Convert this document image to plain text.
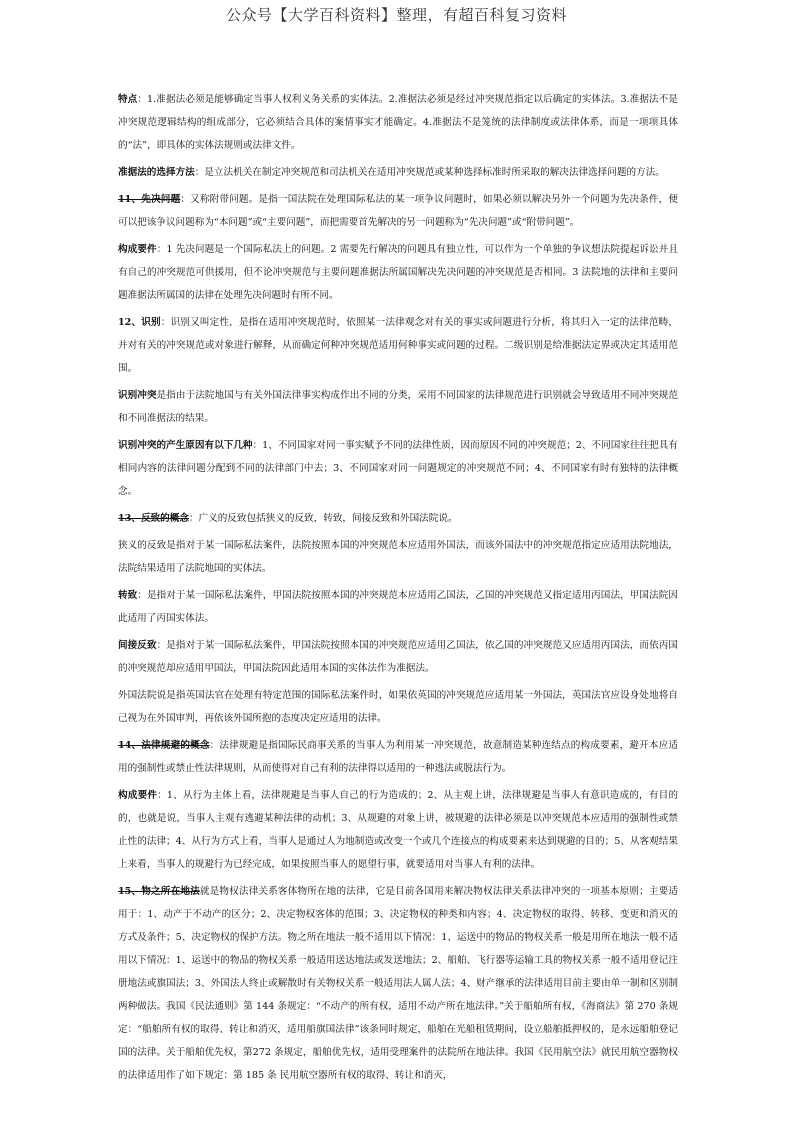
公众号【大学百科资料】整理，有超百科复习资料

特点：1.准据法必须是能够确定当事人权利义务关系的实体法。2.准据法必须是经过冲突规范指定以后确定的实体法。3.准据法不是冲突规范逻辑结构的组成部分，它必须结合具体的案情事实才能确定。4.准据法不是笼统的法律制度或法律体系，而是一项项具体的“法”，即具体的实体法规则或法律文件。

准据法的选择方法：是立法机关在制定冲突规范和司法机关在适用冲突规范或某种选择标准时所采取的解决法律选择问题的方法。

11、先决问题：又称附带问题。是指一国法院在处理国际私法的某一项争议问题时，如果必须以解决另外一个问题为先决条件，便可以把该争议问题称为“本问题”或“主要问题”，而把需要首先解决的另一问题称为“先决问题”或“附带问题”。

构成要件：1 先决问题是一个国际私法上的问题。2 需要先行解决的问题具有独立性，可以作为一个单独的争议想法院提起诉讼并且有自己的冲突规范可供援用，但不论冲突规范与主要问题准据法所属国解决先决问题的冲突规范是否相同。3 法院地的法律和主要问题准据法所属国的法律在处理先决问题时有所不同。

12、识别：识别又叫定性，是指在适用冲突规范时，依照某一法律观念对有关的事实或问题进行分析，将其归入一定的法律范畴，并对有关的冲突规范或对象进行解释，从而确定何种冲突规范适用何种事实或问题的过程。二级识别是给准据法定界或决定其适用范围。

识别冲突是指由于法院地国与有关外国法律事实构成作出不同的分类，采用不同国家的法律规范进行识别就会导致适用不同冲突规范和不同准据法的结果。

识别冲突的产生原因有以下几种：1、不同国家对同一事实赋予不同的法律性质，因而原因不同的冲突规范；2、不同国家往往把具有相同内容的法律问题分配到不同的法律部门中去；3、不同国家对同一问题规定的冲突规范不同；4、不同国家有时有独特的法律概念。

13、反致的概念：广义的反致包括狭义的反致，转致，间接反致和外国法院说。

狭义的反致是指对于某一国际私法案件，法院按照本国的冲突规范本应适用外国法，而该外国法中的冲突规范指定应适用法院地法，法院结果适用了法院地国的实体法。

转致：是指对于某一国际私法案件，甲国法院按照本国的冲突规范本应适用乙国法，乙国的冲突规范又指定适用丙国法，甲国法院因此适用了丙国实体法。

间接反致：是指对于某一国际私法案件，甲国法院按照本国的冲突规范应适用乙国法，依乙国的冲突规范又应适用丙国法，而依丙国的冲突规范却应适用甲国法，甲国法院因此适用本国的实体法作为准据法。

外国法院说是指英国法官在处理有特定范围的国际私法案件时，如果依英国的冲突规范应适用某一外国法，英国法官应设身处地将自己视为在外国审判，再依该外国所抱的态度决定应适用的法律。

14、法律规避的概念：法律规避是指国际民商事关系的当事人为利用某一冲突规范，故意制造某种连结点的构成要素，避开本应适用的强制性或禁止性法律规则，从而使得对自己有利的法律得以适用的一种逃法或脱法行为。

构成要件：1、从行为主体上看，法律规避是当事人自己的行为造成的；2、从主观上讲，法律规避是当事人有意识造成的，有目的的，也就是说，当事人主观有逃避某种法律的动机；3、从规避的对象上讲，被规避的法律必须是以冲突规范本应适用的强制性或禁止性的法律；4、从行为方式上看，当事人是通过人为地制造或改变一个或几个连接点的构成要素来达到规避的目的；5、从客观结果上来看，当事人的规避行为已经完成，如果按照当事人的愿望行事，就要适用对当事人有利的法律。

15、物之所在地法就是物权法律关系客体物所在地的法律，它是目前各国用来解决物权法律关系法律冲突的一项基本原则；主要适用于：1、动产于不动产的区分；2、决定物权客体的范围；3、决定物权的种类和内容；4、决定物权的取得、转移、变更和消灭的方式及条件；5、决定物权的保护方法。物之所在地法一般不适用以下情况：1、运送中的物品的物权关系一般是用所在地法一般不适用以下情况：1、运送中的物品的物权关系一般适用送达地法或发送地法；2、船舶、飞行器等运输工具的物权关系一般不适用登记注册地法或旗国法；3、外国法人终止或解散时有关物权关系一般适用法人属人法；4、财产继承的法律适用目前主要由单一制和区别制两种做法。我国《民法通则》第 144 条规定：“不动产的所有权，适用不动产所在地法律。”关于船舶所有权，《海商法》第 270 条规定：“船舶所有权的取得、转让和消灭，适用船旗国法律”该条同时规定，船舶在光船租赁期间，设立船舶抵押权的，是永远船舶登记国的法律。关于船舶优先权，第272 条规定，船舶优先权，适用受理案件的法院所在地法律。我国《民用航空法》就民用航空器物权的法律适用作了如下规定：第 185 条 民用航空器所有权的取得、转让和消灭，
